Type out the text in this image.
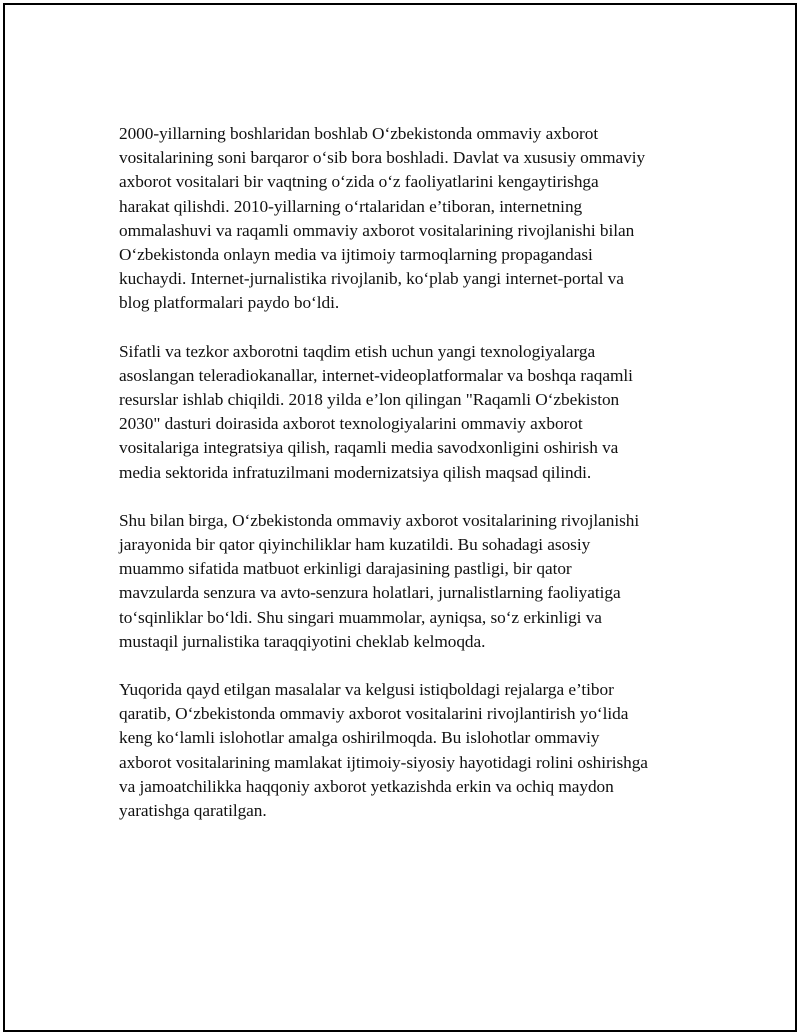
2000-yillarning boshlaridan boshlab O‘zbekistonda ommaviy axborot
vositalarining soni barqaror o‘sib bora boshladi. Davlat va xususiy ommaviy
axborot vositalari bir vaqtning o‘zida o‘z faoliyatlarini kengaytirishga
harakat qilishdi. 2010-yillarning o‘rtalaridan e’tiboran, internetning
ommalashuvi va raqamli ommaviy axborot vositalarining rivojlanishi bilan
O‘zbekistonda onlayn media va ijtimoiy tarmoqlarning propagandasi
kuchaydi. Internet-jurnalistika rivojlanib, ko‘plab yangi internet-portal va
blog platformalari paydo bo‘ldi.

Sifatli va tezkor axborotni taqdim etish uchun yangi texnologiyalarga
asoslangan teleradiokanallar, internet-videoplatformalar va boshqa raqamli
resurslar ishlab chiqildi. 2018 yilda e’lon qilingan "Raqamli O‘zbekiston
2030" dasturi doirasida axborot texnologiyalarini ommaviy axborot
vositalariga integratsiya qilish, raqamli media savodxonligini oshirish va
media sektorida infratuzilmani modernizatsiya qilish maqsad qilindi.

Shu bilan birga, O‘zbekistonda ommaviy axborot vositalarining rivojlanishi
jarayonida bir qator qiyinchiliklar ham kuzatildi. Bu sohadagi asosiy
muammo sifatida matbuot erkinligi darajasining pastligi, bir qator
mavzularda senzura va avto-senzura holatlari, jurnalistlarning faoliyatiga
to‘sqinliklar bo‘ldi. Shu singari muammolar, ayniqsa, so‘z erkinligi va
mustaqil jurnalistika taraqqiyotini cheklab kelmoqda.

Yuqorida qayd etilgan masalalar va kelgusi istiqboldagi rejalarga e’tibor
qaratib, O‘zbekistonda ommaviy axborot vositalarini rivojlantirish yo‘lida
keng ko‘lamli islohotlar amalga oshirilmoqda. Bu islohotlar ommaviy
axborot vositalarining mamlakat ijtimoiy-siyosiy hayotidagi rolini oshirishga
va jamoatchilikka haqqoniy axborot yetkazishda erkin va ochiq maydon
yaratishga qaratilgan.
